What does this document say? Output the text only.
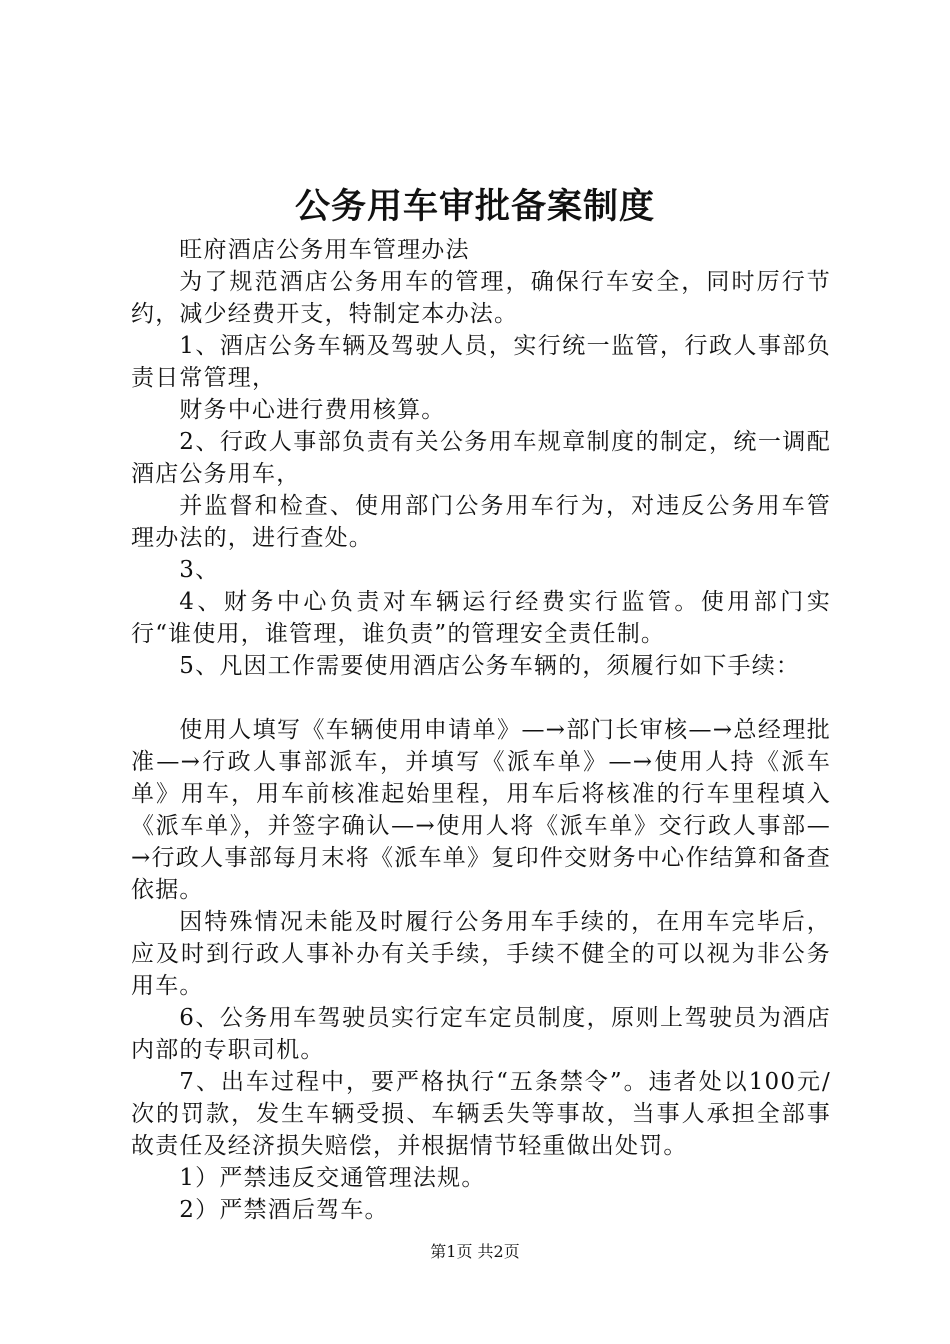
公务用车审批备案制度

旺府酒店公务用车管理办法

为了规范酒店公务用车的管理，确保行车安全，同时厉行节约，减少经费开支，特制定本办法。

1、酒店公务车辆及驾驶人员，实行统一监管，行政人事部负责日常管理，

财务中心进行费用核算。

2、行政人事部负责有关公务用车规章制度的制定，统一调配酒店公务用车，

并监督和检查、使用部门公务用车行为，对违反公务用车管理办法的，进行查处。

3、

4、财务中心负责对车辆运行经费实行监管。使用部门实行“谁使用，谁管理，谁负责”的管理安全责任制。

5、凡因工作需要使用酒店公务车辆的，须履行如下手续：

使用人填写《车辆使用申请单》—→部门长审核—→总经理批准—→行政人事部派车，并填写《派车单》—→使用人持《派车单》用车，用车前核准起始里程，用车后将核准的行车里程填入《派车单》，并签字确认—→使用人将《派车单》交行政人事部—→行政人事部每月末将《派车单》复印件交财务中心作结算和备查依据。

因特殊情况未能及时履行公务用车手续的，在用车完毕后，应及时到行政人事补办有关手续，手续不健全的可以视为非公务用车。

6、公务用车驾驶员实行定车定员制度，原则上驾驶员为酒店内部的专职司机。

7、出车过程中，要严格执行“五条禁令”。违者处以100元/次的罚款，发生车辆受损、车辆丢失等事故，当事人承担全部事故责任及经济损失赔偿，并根据情节轻重做出处罚。

1）严禁违反交通管理法规。

2）严禁酒后驾车。

第1页 共2页
